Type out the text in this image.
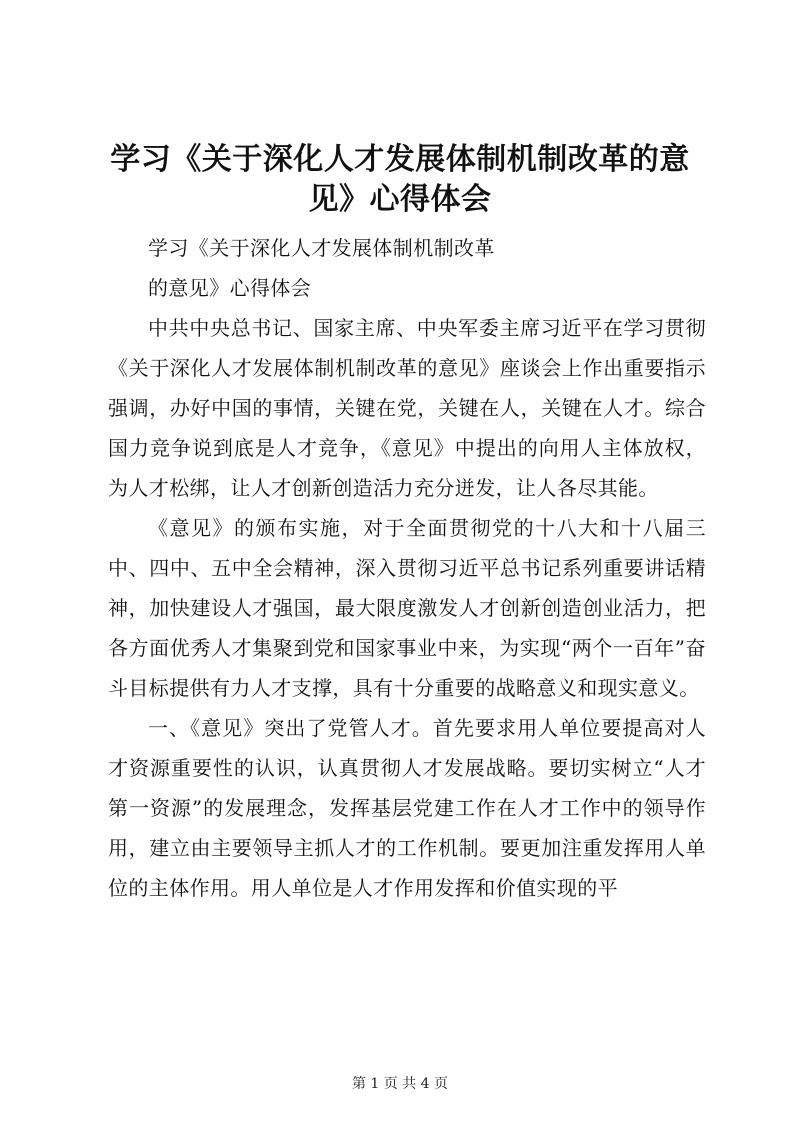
学习《关于深化人才发展体制机制改革的意见》心得体会

学习《关于深化人才发展体制机制改革

的意见》心得体会

中共中央总书记、国家主席、中央军委主席习近平在学习贯彻《关于深化人才发展体制机制改革的意见》座谈会上作出重要指示强调，办好中国的事情，关键在党，关键在人，关键在人才。综合国力竞争说到底是人才竞争，《意见》中提出的向用人主体放权，为人才松绑，让人才创新创造活力充分迸发，让人各尽其能。

《意见》的颁布实施，对于全面贯彻党的十八大和十八届三中、四中、五中全会精神，深入贯彻习近平总书记系列重要讲话精神，加快建设人才强国，最大限度激发人才创新创造创业活力，把各方面优秀人才集聚到党和国家事业中来，为实现“两个一百年”奋斗目标提供有力人才支撑，具有十分重要的战略意义和现实意义。

一、《意见》突出了党管人才。首先要求用人单位要提高对人才资源重要性的认识，认真贯彻人才发展战略。要切实树立“人才第一资源”的发展理念，发挥基层党建工作在人才工作中的领导作用，建立由主要领导主抓人才的工作机制。要更加注重发挥用人单位的主体作用。用人单位是人才作用发挥和价值实现的平

第 1 页 共 4 页
